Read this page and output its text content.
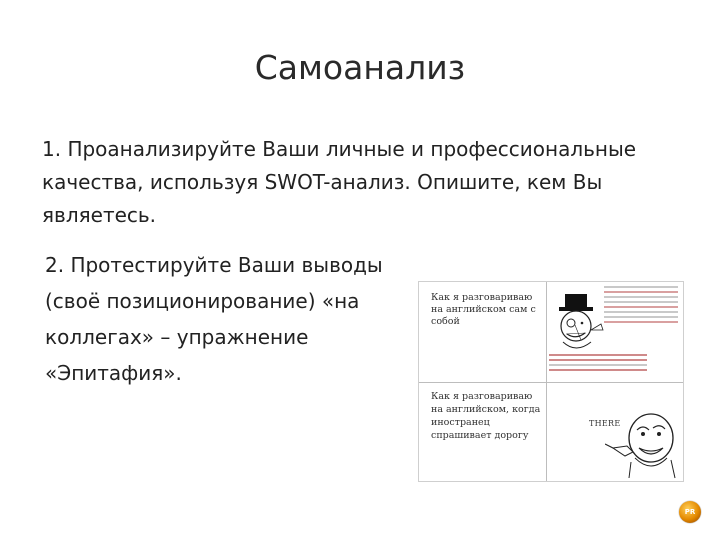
Самоанализ
1. Проанализируйте Ваши личные и профессиональные качества, используя SWOT-анализ. Опишите, кем Вы являетесь.
2. Протестируйте Ваши выводы (своё позиционирование) «на коллегах» – упражнение «Эпитафия».
Как я разговариваю на английском сам с собой
Как я разговариваю на английском, когда иностранец спрашивает дорогу
THERE
PR
